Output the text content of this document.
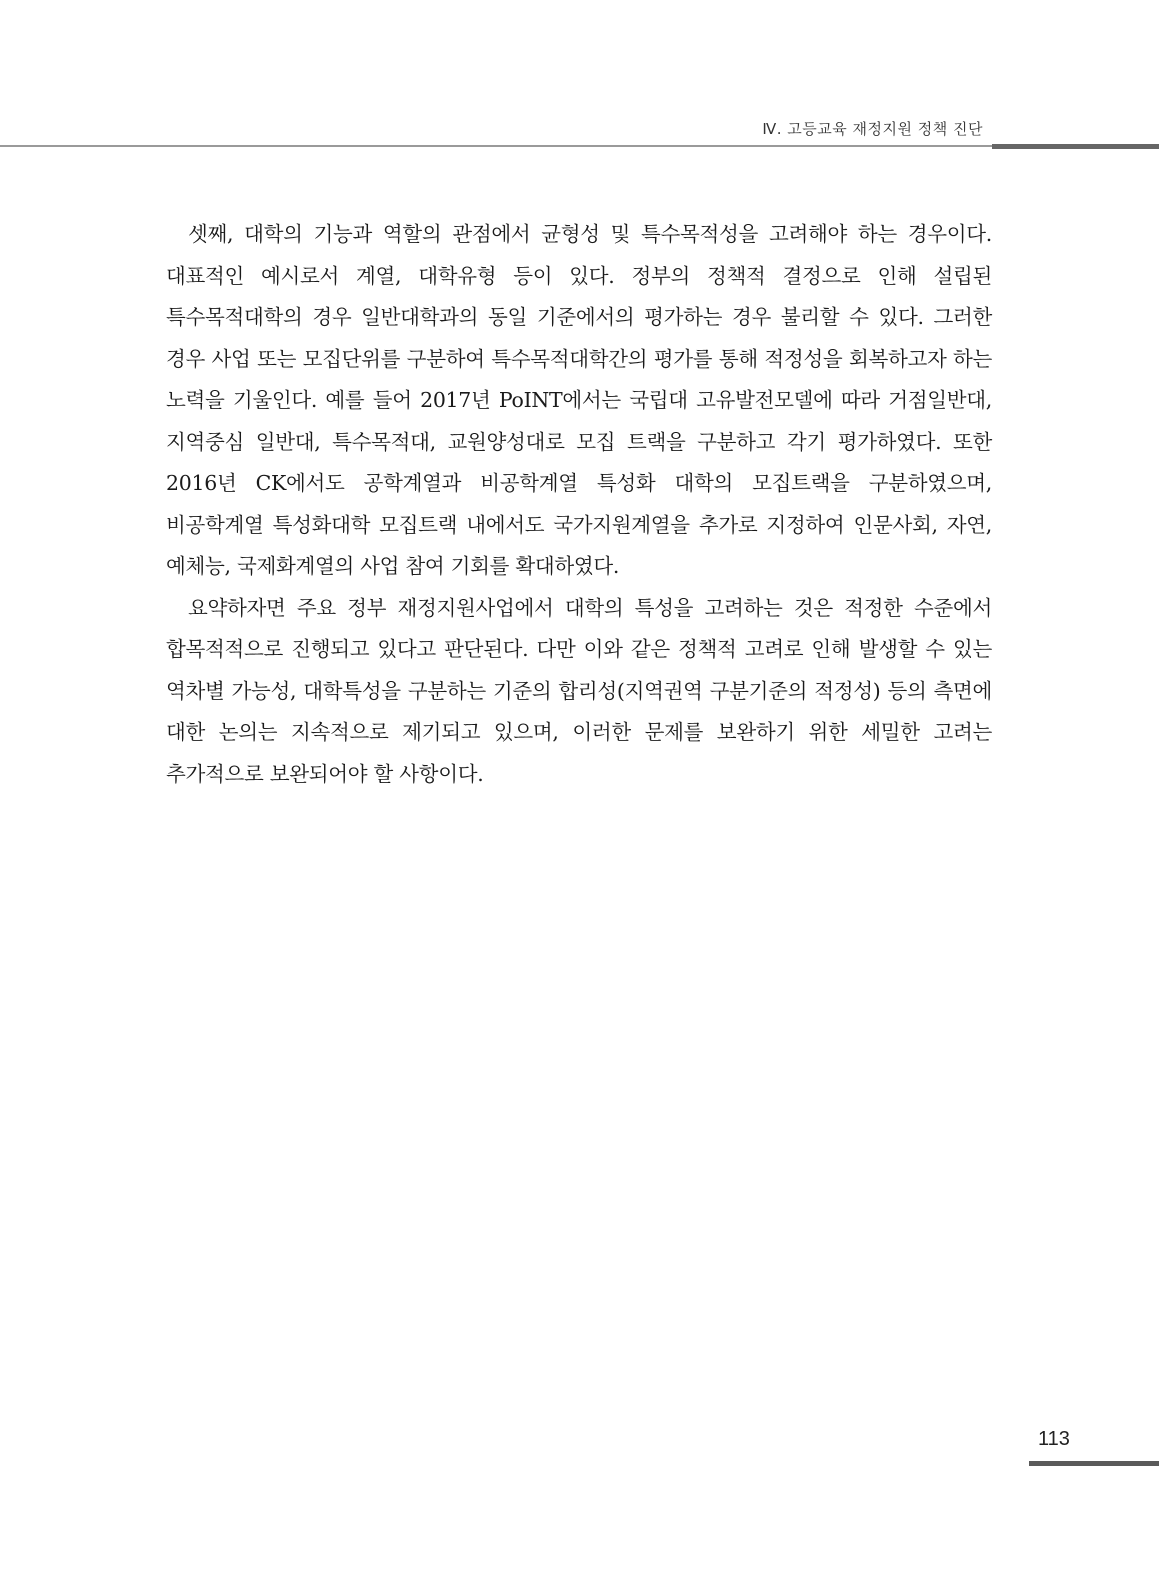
Ⅳ. 고등교육 재정지원 정책 진단

셋째, 대학의 기능과 역할의 관점에서 균형성 및 특수목적성을 고려해야 하는 경우이다. 대표적인 예시로서 계열, 대학유형 등이 있다. 정부의 정책적 결정으로 인해 설립된 특수목적대학의 경우 일반대학과의 동일 기준에서의 평가하는 경우 불리할 수 있다. 그러한 경우 사업 또는 모집단위를 구분하여 특수목적대학간의 평가를 통해 적정성을 회복하고자 하는 노력을 기울인다. 예를 들어 2017년 PoINT에서는 국립대 고유발전모델에 따라 거점일반대, 지역중심 일반대, 특수목적대, 교원양성대로 모집 트랙을 구분하고 각기 평가하였다. 또한 2016년 CK에서도 공학계열과 비공학계열 특성화 대학의 모집트랙을 구분하였으며, 비공학계열 특성화대학 모집트랙 내에서도 국가지원계열을 추가로 지정하여 인문사회, 자연, 예체능, 국제화계열의 사업 참여 기회를 확대하였다.

요약하자면 주요 정부 재정지원사업에서 대학의 특성을 고려하는 것은 적정한 수준에서 합목적적으로 진행되고 있다고 판단된다. 다만 이와 같은 정책적 고려로 인해 발생할 수 있는 역차별 가능성, 대학특성을 구분하는 기준의 합리성(지역권역 구분기준의 적정성) 등의 측면에 대한 논의는 지속적으로 제기되고 있으며, 이러한 문제를 보완하기 위한 세밀한 고려는 추가적으로 보완되어야 할 사항이다.

113
